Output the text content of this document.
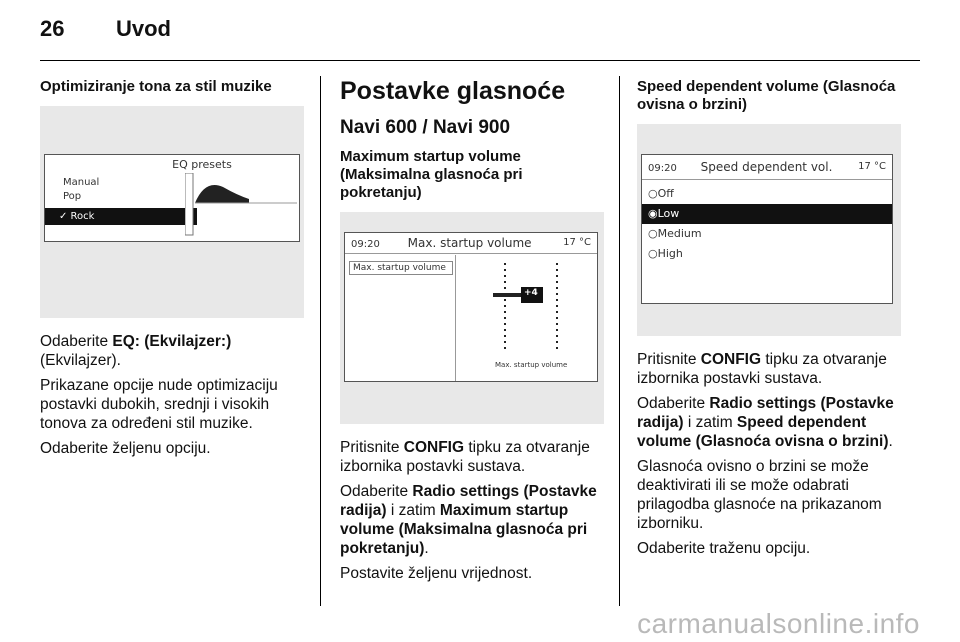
26 Uvod
Optimiziranje tona za stil muzike
EQ presets
Manual
Pop
✓ Rock

Odaberite EQ: (Ekvilajzer:) (Ekvilajzer).

Prikazane opcije nude optimizaciju postavki dubokih, srednji i visokih tonova za određeni stil muzike.

Odaberite željenu opciju.

Postavke glasnoće
Navi 600 / Navi 900
Maximum startup volume
(Maksimalna glasnoća pri pokretanju)
09:20 Max. startup volume	17 °C
Max. startup volume
+4
Max. startup volume

Pritisnite CONFIG tipku za otvaranje izbornika postavki sustava.

Odaberite Radio settings (Postavke radija) i zatim Maximum startup volume (Maksimalna glasnoća pri pokretanju).

Postavite željenu vrijednost.

Speed dependent volume (Glasnoća ovisna o brzini)
09:20 Speed dependent vol.	17 °C
○Off
◉Low
○Medium
○High

Pritisnite CONFIG tipku za otvaranje izbornika postavki sustava.

Odaberite Radio settings (Postavke radija) i zatim Speed dependent volume (Glasnoća ovisna o brzini).

Glasnoća ovisno o brzini se može deaktivirati ili se može odabrati prilagodba glasnoće na prikazanom izborniku.

Odaberite traženu opciju.

carmanualsonline.info
